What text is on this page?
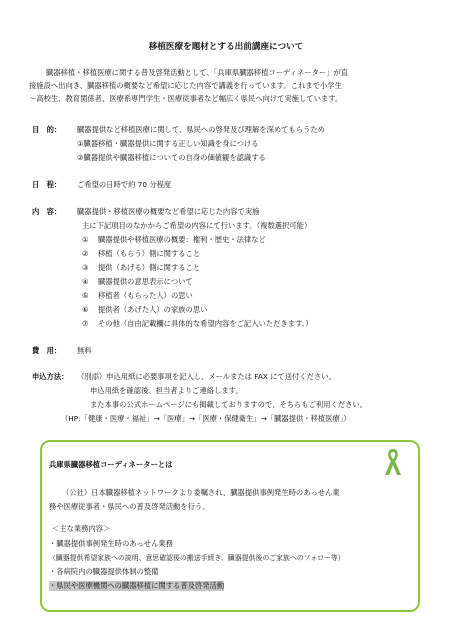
移植医療を題材とする出前講座について
臓器移植・移植医療に関する普及啓発活動として、「兵庫県臓器移植コーディネーター」が直
接施設へ出向き、臓器移植の概要など希望に応じた内容で講義を行っています。これまで小学生
～高校生、教育関係者、医療系専門学生・医療従事者など幅広く県民へ向けて実施しています。
目　的： 臓器提供など移植医療に関して、県民への啓発及び理解を深めてもらうため
①臓器移植・臓器提供に関する正しい知識を身につける
②臓器提供や臓器移植についての自身の価値観を認識する
日　程： ご希望の日時で約 70 分程度
内　容： 臓器提供・移植医療の概要など希望に応じた内容で実施
主に下記項目のなかからご希望の内容にて行います。（複数選択可能）
① 臓器提供や移植医療の概要：権利・歴史・法律など
② 移植（もらう）側に関すること
③ 提供（あげる）側に関すること
④ 臓器提供の意思表示について
⑤ 移植者（もらった人）の思い
⑥ 提供者（あげた人）の家族の思い
⑦ その他（自由記載欄に具体的な希望内容をご記入いただきます。）
費　用： 無料
申込方法： （別添）申込用紙に必要事項を記入し、メールまたは FAX にて送付ください。
申込用紙を確認後、担当者よりご連絡します。
また本事の公式ホームページにも掲載しておりますので、そちらもご利用ください。
（HP:「健康・医療・福祉」→「医療」→「医療・保健衛生」→「臓器提供・移植医療」）
兵庫県臓器移植コーディネーターとは
（公社）日本臓器移植ネットワークより委嘱され、臓器提供事例発生時のあっせん業
務や医療従事者・県民への普及啓発活動を行う。
＜主な業務内容＞
・臓器提供事例発生時のあっせん業務
（臓器提供希望家族への説明、意思確認後の搬送手続き、臓器提供後のご家族へのフォロー等）
・各病院内の臓器提供体制の整備
・県民や医療機関への臓器移植に関する普及啓発活動
